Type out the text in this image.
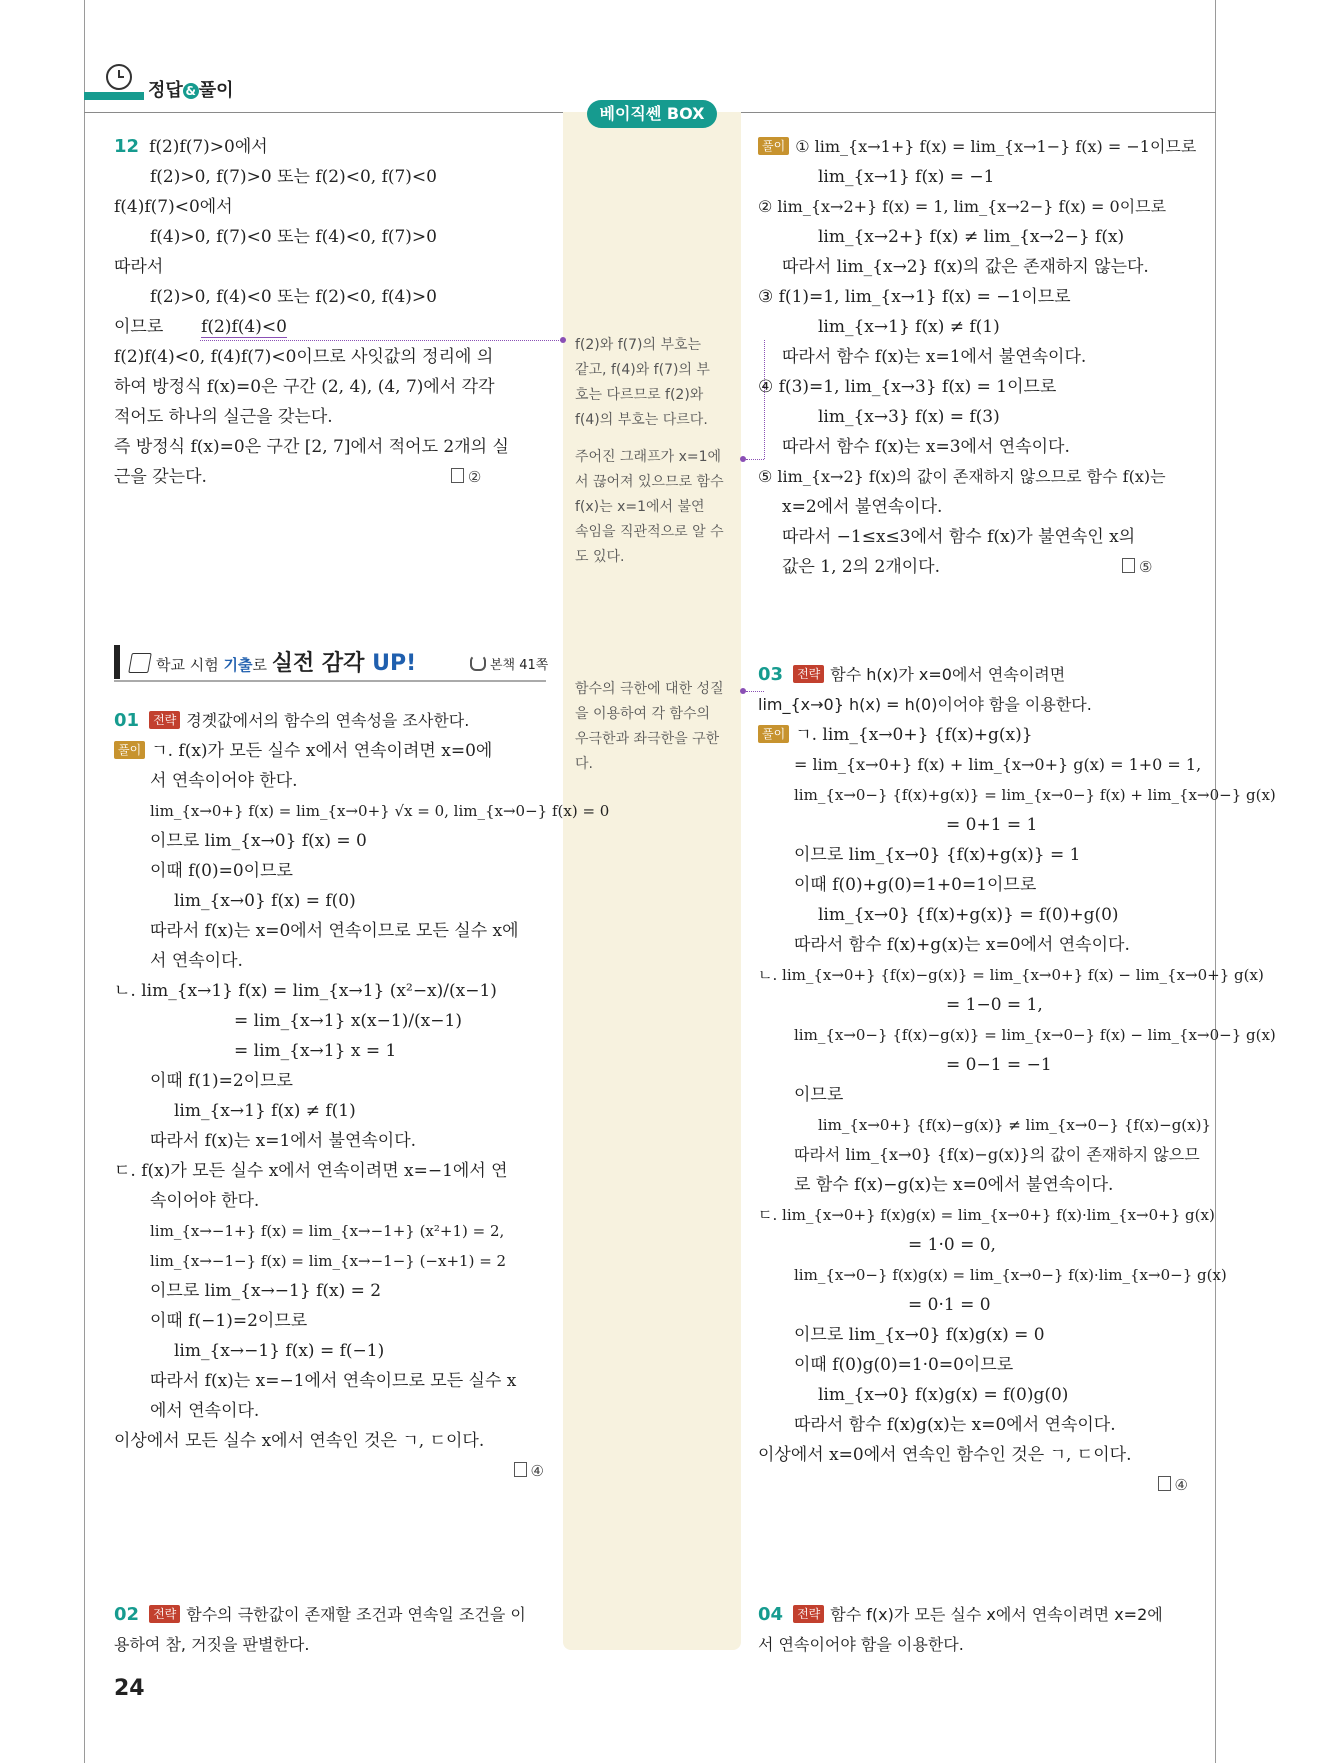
정답 & 풀이
베이직쎈 BOX
12 f(2)f(7)>0에서
f(2)>0, f(7)>0 또는 f(2)<0, f(7)<0
f(4)f(7)<0에서
f(4)>0, f(7)<0 또는 f(4)<0, f(7)>0
따라서
f(2)>0, f(4)<0 또는 f(2)<0, f(4)>0
이므로 f(2)f(4)<0
f(2)f(4)<0, f(4)f(7)<0이므로 사잇값의 정리에 의
하여 방정식 f(x)=0은 구간 (2, 4), (4, 7)에서 각각
적어도 하나의 실근을 갖는다.
즉 방정식 f(x)=0은 구간 [2, 7]에서 적어도 2개의 실
근을 갖는다.	②
학교 시험 기출로 실전 감각 UP!	본책 41쪽
01 전략 경곗값에서의 함수의 연속성을 조사한다.
풀이 ㄱ. f(x)가 모든 실수 x에서 연속이려면 x=0에
서 연속이어야 한다.
lim_{x→0+} f(x) = lim_{x→0+} √x = 0, lim_{x→0−} f(x) = 0
이므로 lim_{x→0} f(x) = 0
이때 f(0)=0이므로
lim_{x→0} f(x) = f(0)
따라서 f(x)는 x=0에서 연속이므로 모든 실수 x에
서 연속이다.
ㄴ. lim_{x→1} f(x) = lim_{x→1} (x²−x)/(x−1)
= lim_{x→1} x(x−1)/(x−1)
= lim_{x→1} x = 1
이때 f(1)=2이므로
lim_{x→1} f(x) ≠ f(1)
따라서 f(x)는 x=1에서 불연속이다.
ㄷ. f(x)가 모든 실수 x에서 연속이려면 x=−1에서 연
속이어야 한다.
lim_{x→−1+} f(x) = lim_{x→−1+} (x²+1) = 2,
lim_{x→−1−} f(x) = lim_{x→−1−} (−x+1) = 2
이므로 lim_{x→−1} f(x) = 2
이때 f(−1)=2이므로
lim_{x→−1} f(x) = f(−1)
따라서 f(x)는 x=−1에서 연속이므로 모든 실수 x
에서 연속이다.
이상에서 모든 실수 x에서 연속인 것은 ㄱ, ㄷ이다.
④
02 전략 함수의 극한값이 존재할 조건과 연속일 조건을 이
용하여 참, 거짓을 판별한다.
24
f(2)와 f(7)의 부호는
같고, f(4)와 f(7)의 부
호는 다르므로 f(2)와
f(4)의 부호는 다르다.
주어진 그래프가 x=1에
서 끊어져 있으므로 함수
f(x)는 x=1에서 불연
속임을 직관적으로 알 수
도 있다.
함수의 극한에 대한 성질
을 이용하여 각 함수의
우극한과 좌극한을 구한
다.
풀이 ① lim_{x→1+} f(x) = lim_{x→1−} f(x) = −1이므로
lim_{x→1} f(x) = −1
② lim_{x→2+} f(x) = 1, lim_{x→2−} f(x) = 0이므로
lim_{x→2+} f(x) ≠ lim_{x→2−} f(x)
따라서 lim_{x→2} f(x)의 값은 존재하지 않는다.
③ f(1)=1, lim_{x→1} f(x) = −1이므로
lim_{x→1} f(x) ≠ f(1)
따라서 함수 f(x)는 x=1에서 불연속이다.
④ f(3)=1, lim_{x→3} f(x) = 1이므로
lim_{x→3} f(x) = f(3)
따라서 함수 f(x)는 x=3에서 연속이다.
⑤ lim_{x→2} f(x)의 값이 존재하지 않으므로 함수 f(x)는
x=2에서 불연속이다.
따라서 −1≤x≤3에서 함수 f(x)가 불연속인 x의
값은 1, 2의 2개이다.	⑤
03 전략 함수 h(x)가 x=0에서 연속이려면
lim_{x→0} h(x) = h(0)이어야 함을 이용한다.
풀이 ㄱ. lim_{x→0+} {f(x)+g(x)}
= lim_{x→0+} f(x) + lim_{x→0+} g(x) = 1+0 = 1,
lim_{x→0−} {f(x)+g(x)} = lim_{x→0−} f(x) + lim_{x→0−} g(x)
= 0+1 = 1
이므로 lim_{x→0} {f(x)+g(x)} = 1
이때 f(0)+g(0)=1+0=1이므로
lim_{x→0} {f(x)+g(x)} = f(0)+g(0)
따라서 함수 f(x)+g(x)는 x=0에서 연속이다.
ㄴ. lim_{x→0+} {f(x)−g(x)} = lim_{x→0+} f(x) − lim_{x→0+} g(x)
= 1−0 = 1,
lim_{x→0−} {f(x)−g(x)} = lim_{x→0−} f(x) − lim_{x→0−} g(x)
= 0−1 = −1
이므로
lim_{x→0+} {f(x)−g(x)} ≠ lim_{x→0−} {f(x)−g(x)}
따라서 lim_{x→0} {f(x)−g(x)}의 값이 존재하지 않으므
로 함수 f(x)−g(x)는 x=0에서 불연속이다.
ㄷ. lim_{x→0+} f(x)g(x) = lim_{x→0+} f(x)·lim_{x→0+} g(x)
= 1·0 = 0,
lim_{x→0−} f(x)g(x) = lim_{x→0−} f(x)·lim_{x→0−} g(x)
= 0·1 = 0
이므로 lim_{x→0} f(x)g(x) = 0
이때 f(0)g(0)=1·0=0이므로
lim_{x→0} f(x)g(x) = f(0)g(0)
따라서 함수 f(x)g(x)는 x=0에서 연속이다.
이상에서 x=0에서 연속인 함수인 것은 ㄱ, ㄷ이다.
④
04 전략 함수 f(x)가 모든 실수 x에서 연속이려면 x=2에
서 연속이어야 함을 이용한다.
